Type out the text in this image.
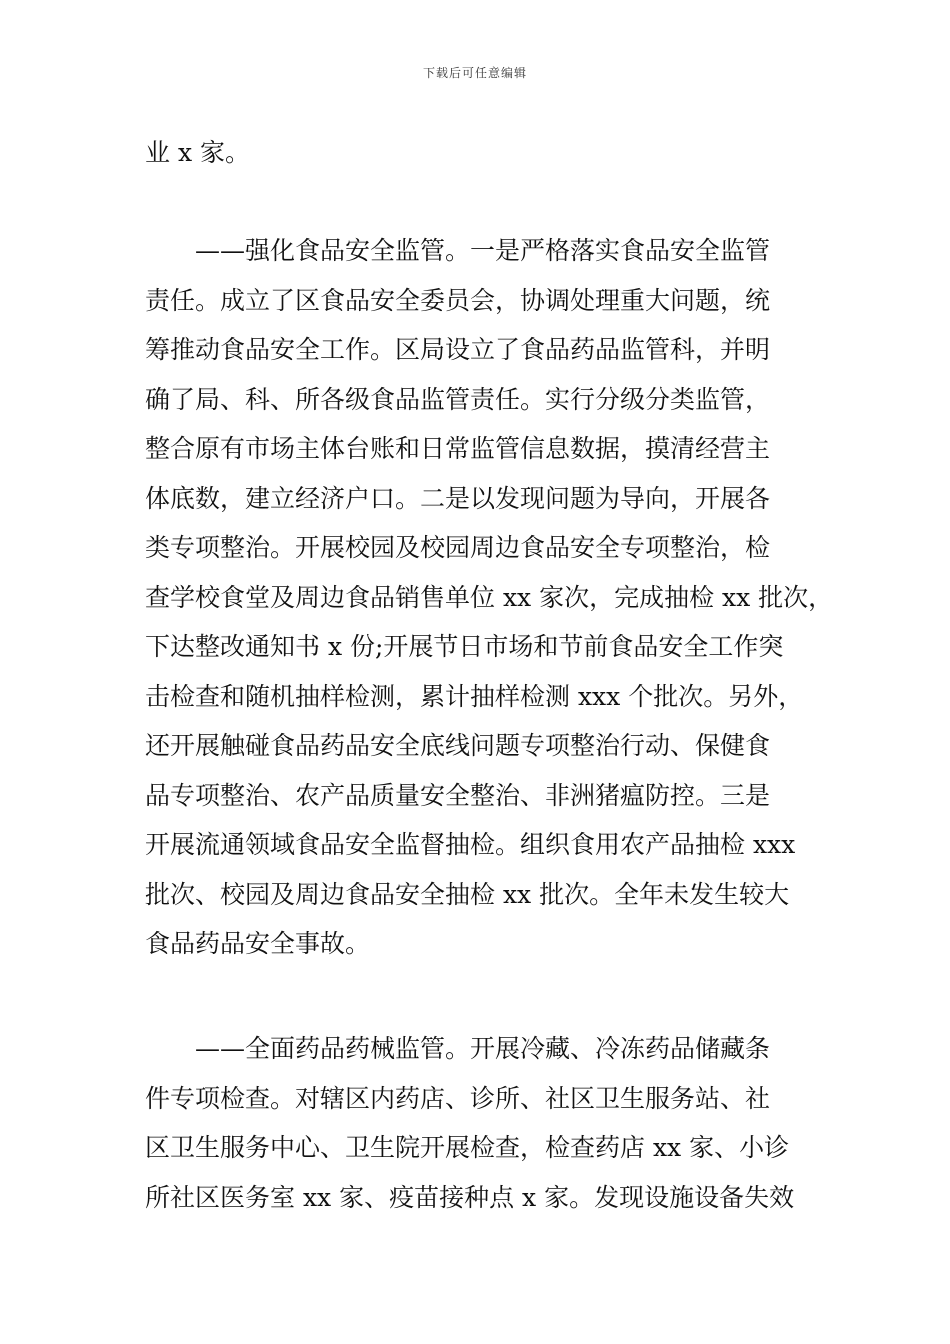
下载后可任意编辑
业 x 家。
　　——强化食品安全监管。一是严格落实食品安全监管
责任。成立了区食品安全委员会，协调处理重大问题，统
筹推动食品安全工作。区局设立了食品药品监管科，并明
确了局、科、所各级食品监管责任。实行分级分类监管，
整合原有市场主体台账和日常监管信息数据，摸清经营主
体底数，建立经济户口。二是以发现问题为导向，开展各
类专项整治。开展校园及校园周边食品安全专项整治，检
查学校食堂及周边食品销售单位 xx 家次，完成抽检 xx 批次，
下达整改通知书 x 份;开展节日市场和节前食品安全工作突
击检查和随机抽样检测，累计抽样检测 xxx 个批次。另外，
还开展触碰食品药品安全底线问题专项整治行动、保健食
品专项整治、农产品质量安全整治、非洲猪瘟防控。三是
开展流通领域食品安全监督抽检。组织食用农产品抽检 xxx
批次、校园及周边食品安全抽检 xx 批次。全年未发生较大
食品药品安全事故。
　　——全面药品药械监管。开展冷藏、冷冻药品储藏条
件专项检查。对辖区内药店、诊所、社区卫生服务站、社
区卫生服务中心、卫生院开展检查，检查药店 xx 家、小诊
所社区医务室 xx 家、疫苗接种点 x 家。发现设施设备失效
